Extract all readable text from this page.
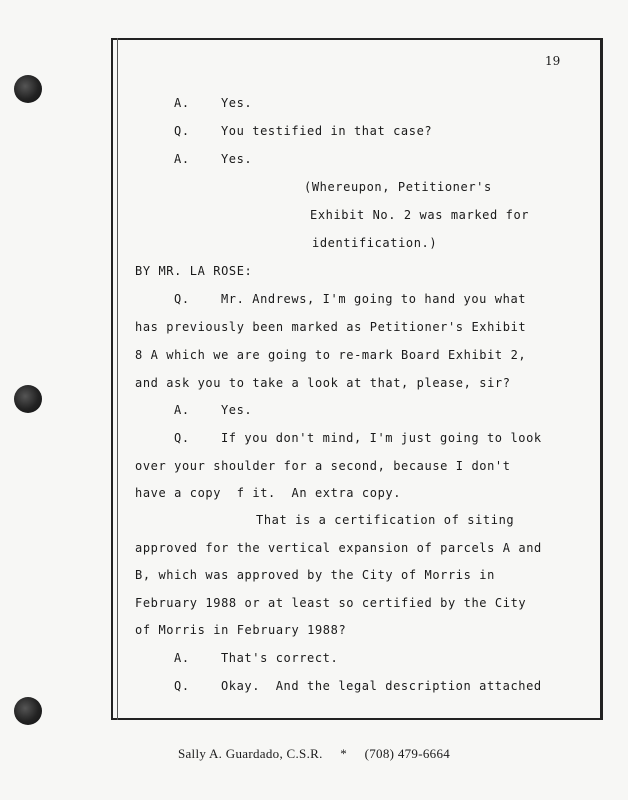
19
A.    Yes.
Q.    You testified in that case?
A.    Yes.
(Whereupon, Petitioner's
Exhibit No. 2 was marked for
identification.)
BY MR. LA ROSE:
Q.    Mr. Andrews, I'm going to hand you what
has previously been marked as Petitioner's Exhibit
8 A which we are going to re-mark Board Exhibit 2,
and ask you to take a look at that, please, sir?
A.    Yes.
Q.    If you don't mind, I'm just going to look
over your shoulder for a second, because I don't
have a copy  f it.  An extra copy.
That is a certification of siting
approved for the vertical expansion of parcels A and
B, which was approved by the City of Morris in
February 1988 or at least so certified by the City
of Morris in February 1988?
A.    That's correct.
Q.    Okay.  And the legal description attached
Sally A. Guardado, C.S.R. * (708) 479-6664
